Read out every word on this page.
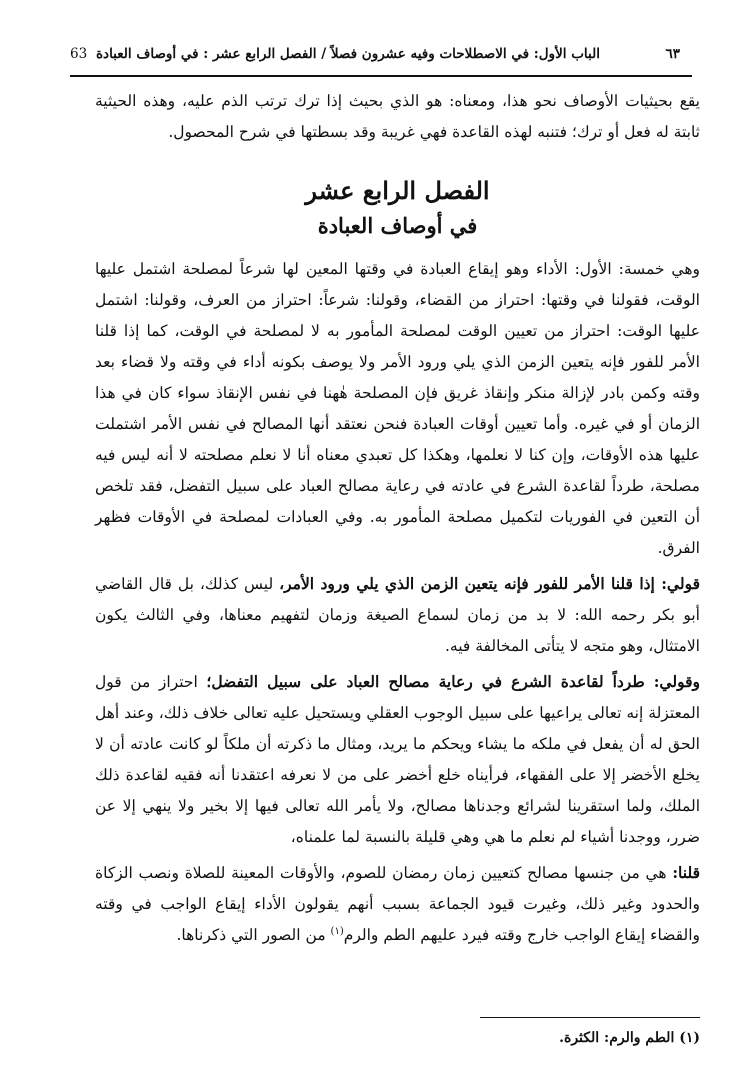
٦٣
الباب الأول: في الاصطلاحات وفيه عشرون فصلاً / الفصل الرابع عشر : في أوصاف العبادة
63

يقع بحيثيات الأوصاف نحو هذا، ومعناه: هو الذي بحيث إذا ترك ترتب الذم عليه، وهذه الحيثية ثابتة له فعل أو ترك؛ فتنبه لهذه القاعدة فهي غريبة وقد بسطتها في شرح المحصول.

الفصل الرابع عشر
في أوصاف العبادة

وهي خمسة: الأول: الأداء وهو إيقاع العبادة في وقتها المعين لها شرعاً لمصلحة اشتمل عليها الوقت، فقولنا في وقتها: احتراز من القضاء، وقولنا: شرعاً: احتراز من العرف، وقولنا: اشتمل عليها الوقت: احتراز من تعيين الوقت لمصلحة المأمور به لا لمصلحة في الوقت، كما إذا قلنا الأمر للفور فإنه يتعين الزمن الذي يلي ورود الأمر ولا يوصف بكونه أداء في وقته ولا قضاء بعد وقته وكمن بادر لإزالة منكر وإنقاذ غريق فإن المصلحة هٰهنا في نفس الإنقاذ سواء كان في هذا الزمان أو في غيره. وأما تعيين أوقات العبادة فنحن نعتقد أنها المصالح في نفس الأمر اشتملت عليها هذه الأوقات، وإن كنا لا نعلمها، وهكذا كل تعبدي معناه أنا لا نعلم مصلحته لا أنه ليس فيه مصلحة، طرداً لقاعدة الشرع في عادته في رعاية مصالح العباد على سبيل التفضل، فقد تلخص أن التعين في الفوريات لتكميل مصلحة المأمور به. وفي العبادات لمصلحة في الأوقات فظهر الفرق.

قولي: إذا قلنا الأمر للفور فإنه يتعين الزمن الذي يلي ورود الأمر، ليس كذلك، بل قال القاضي أبو بكر رحمه الله: لا بد من زمان لسماع الصيغة وزمان لتفهيم معناها، وفي الثالث يكون الامتثال، وهو متجه لا يتأتى المخالفة فيه.

وقولي: طرداً لقاعدة الشرع في رعاية مصالح العباد على سبيل التفضل؛ احتراز من قول المعتزلة إنه تعالى يراعيها على سبيل الوجوب العقلي ويستحيل عليه تعالى خلاف ذلك، وعند أهل الحق له أن يفعل في ملكه ما يشاء ويحكم ما يريد، ومثال ما ذكرته أن ملكاً لو كانت عادته أن لا يخلع الأخضر إلا على الفقهاء، فرأيناه خلع أخضر على من لا نعرفه اعتقدنا أنه فقيه لقاعدة ذلك الملك، ولما استقرينا لشرائع وجدناها مصالح، ولا يأمر الله تعالى فيها إلا بخير ولا ينهي إلا عن ضرر، ووجدنا أشياء لم نعلم ما هي وهي قليلة بالنسبة لما علمناه،

قلنا: هي من جنسها مصالح كتعيين زمان رمضان للصوم، والأوقات المعينة للصلاة ونصب الزكاة والحدود وغير ذلك، وغيرت قيود الجماعة بسبب أنهم يقولون الأداء إيقاع الواجب في وقته والقضاء إيقاع الواجب خارج وقته فيرد عليهم الطم والرم$^{(١)}$ من الصور التي ذكرناها.

(١) الطم والرم: الكثرة.
